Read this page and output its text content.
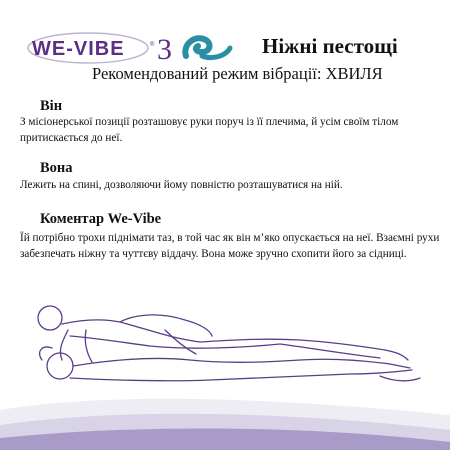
WE-VIBE	® 3	Ніжні пестощі
Рекомендований режим вібрації: ХВИЛЯ
Він

З місіонерської позиції розташовує руки поруч із її плечима, й усім своїм тілом притискається до неї.

Вона

Лежить на спині, дозволяючи йому повністю розташуватися на ній.

Коментар We-Vibe

Їй потрібно трохи піднімати таз, в той час як він м’яко опускається на неї. Взаємні рухи забезпечать ніжну та чуттєву віддачу. Вона може зручно схопити його за сідниці.
